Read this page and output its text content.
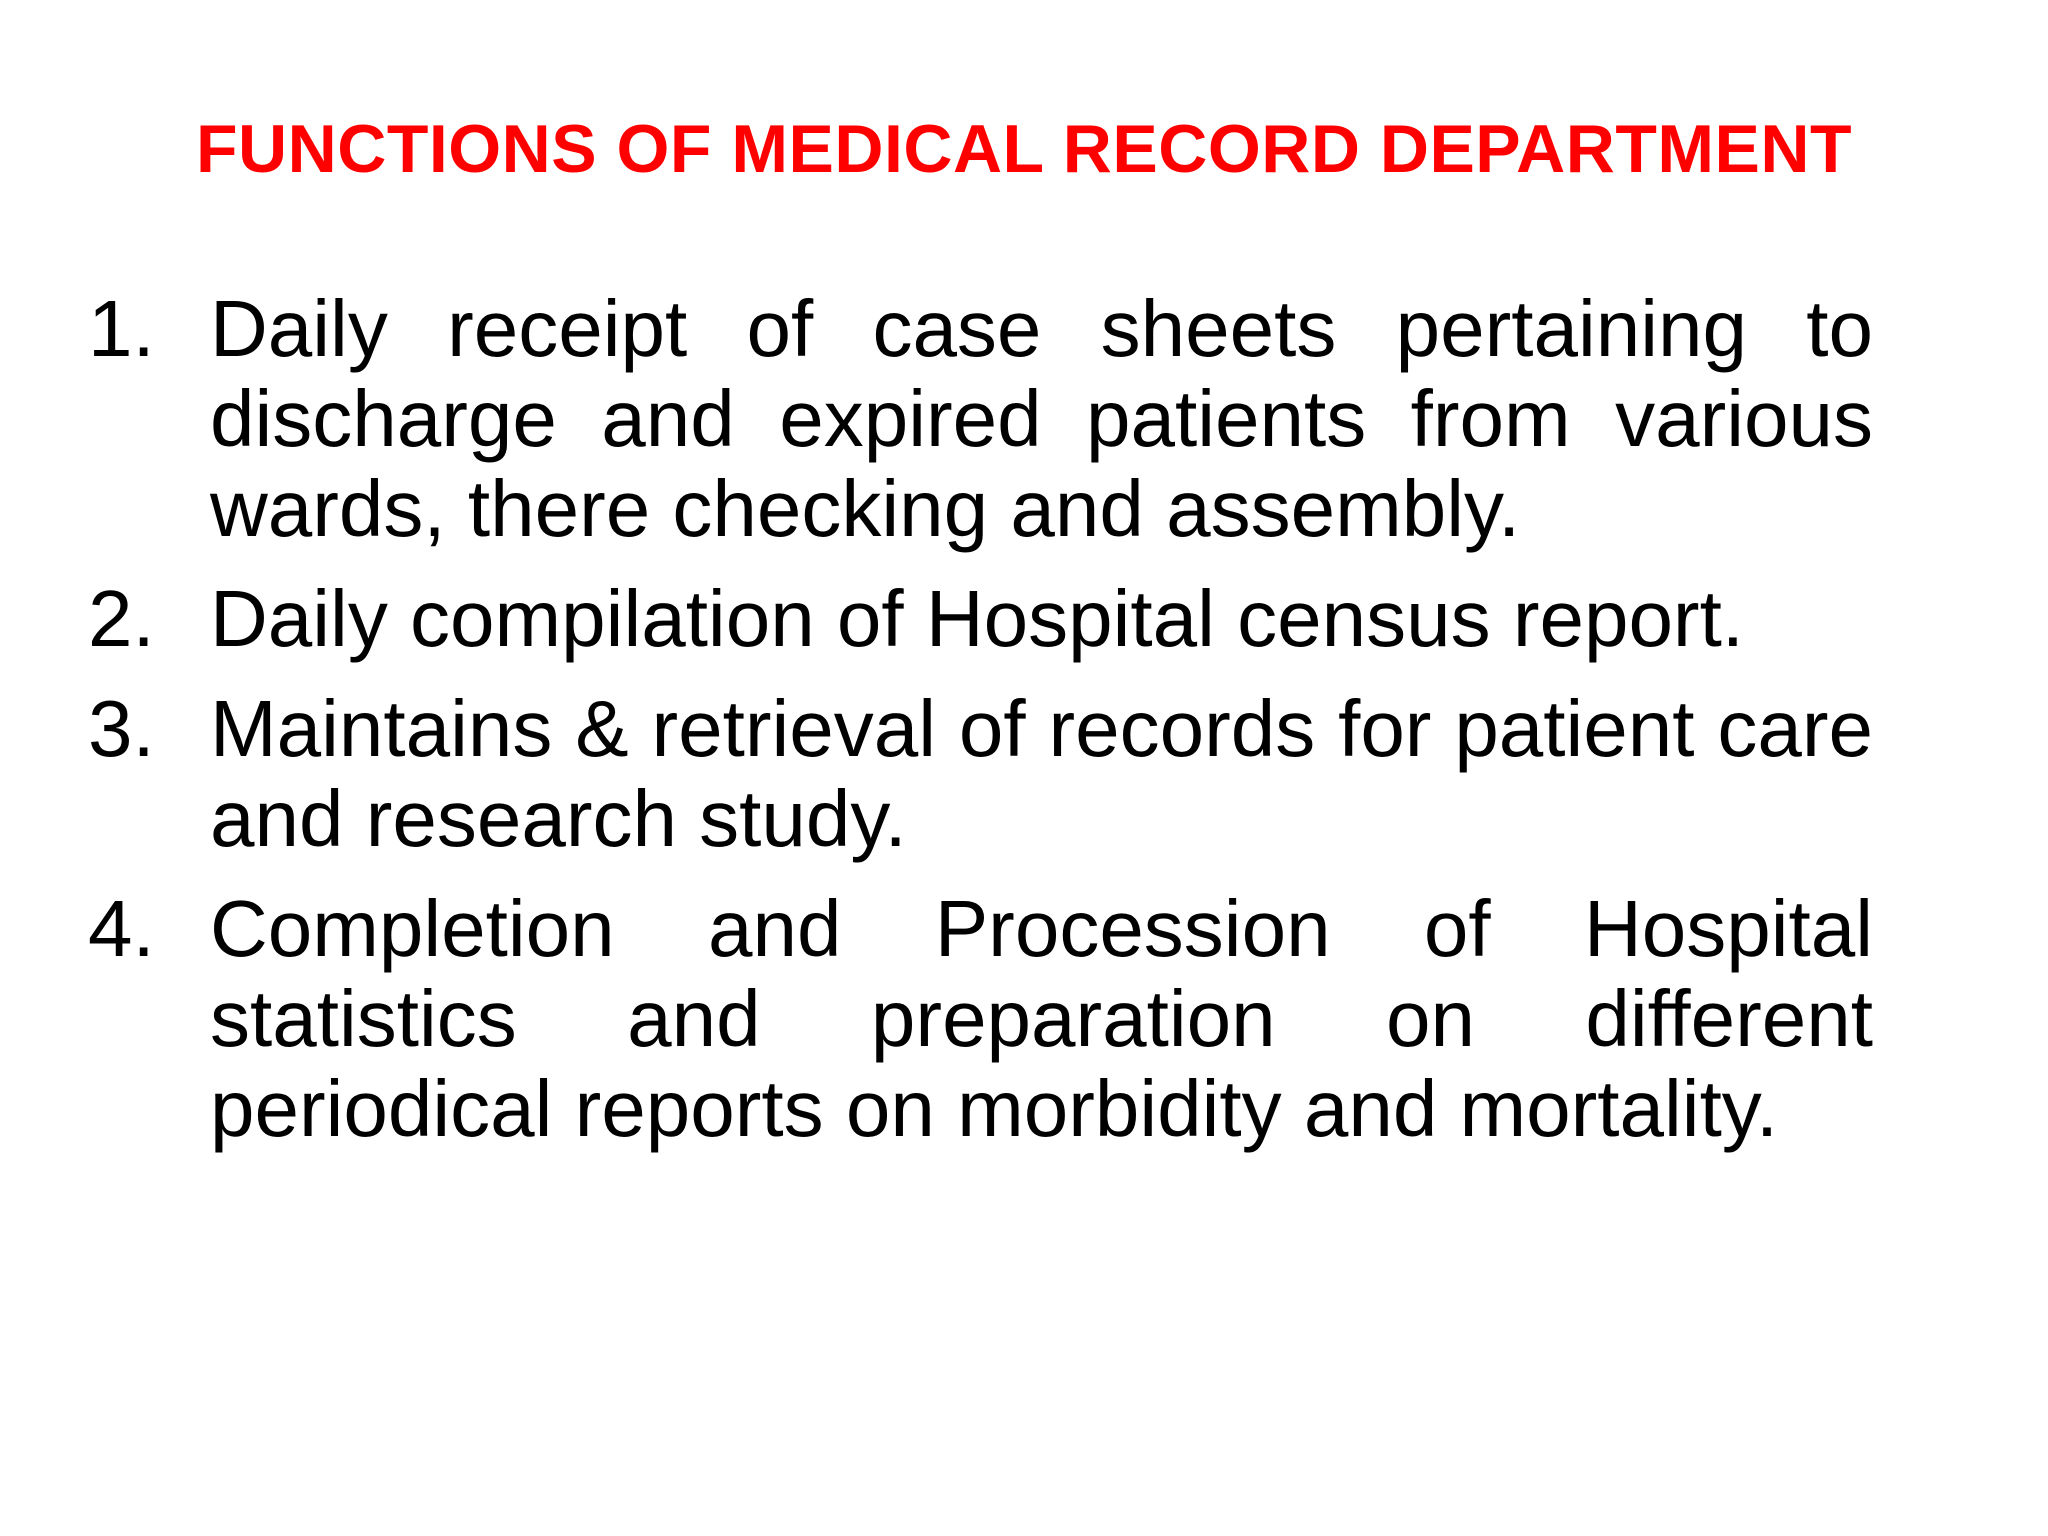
FUNCTIONS OF MEDICAL RECORD DEPARTMENT
1. Daily receipt of case sheets pertaining to discharge and expired patients from various wards, there checking and assembly.
2. Daily compilation of Hospital census report.
3. Maintains & retrieval of records for patient care and research study.
4. Completion and Procession of Hospital statistics and preparation on different periodical reports on morbidity and mortality.
